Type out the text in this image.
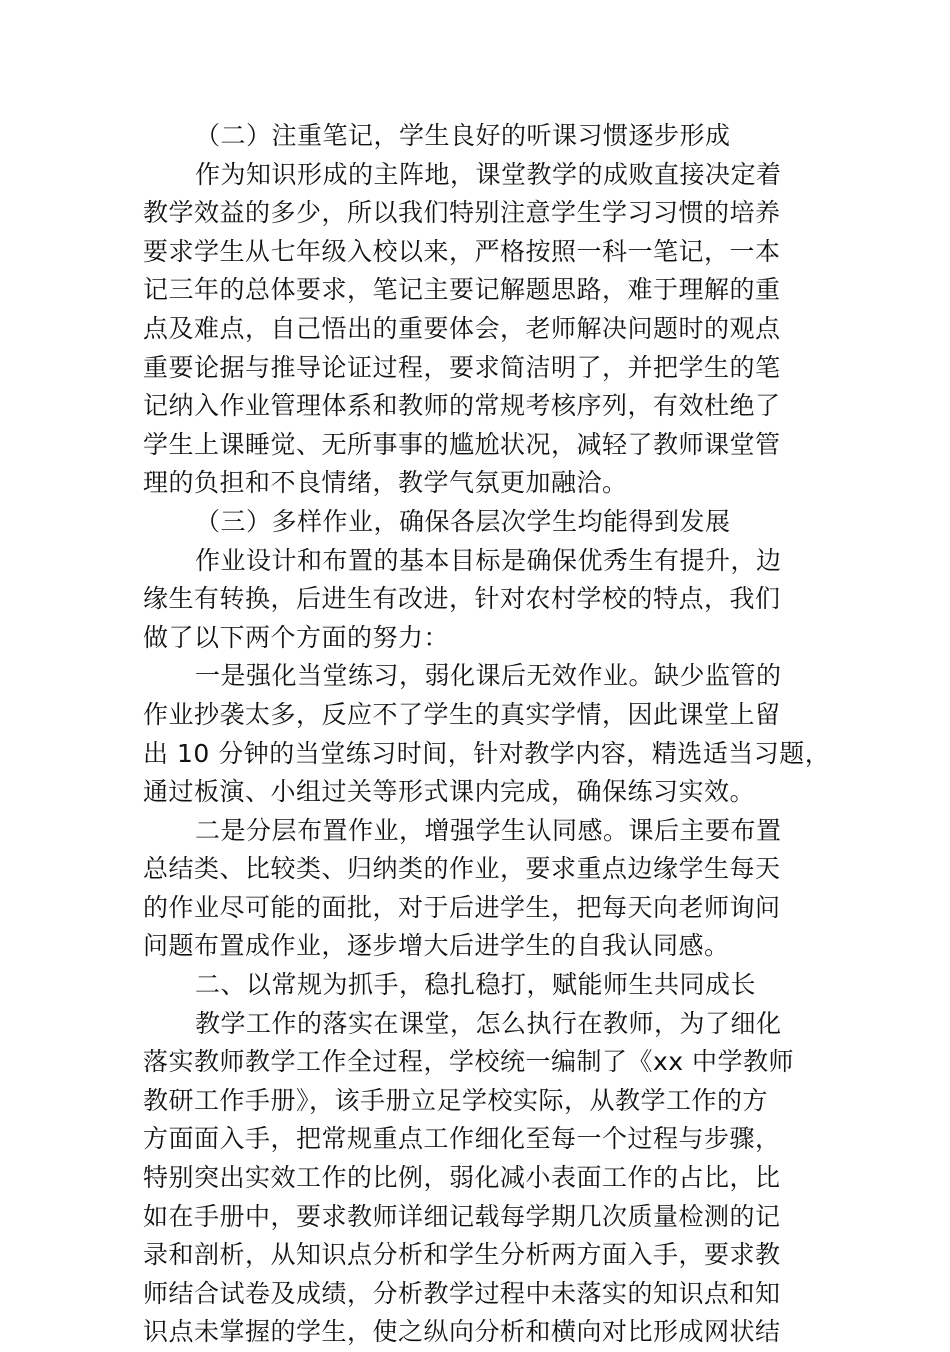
（二）注重笔记，学生良好的听课习惯逐步形成
作为知识形成的主阵地，课堂教学的成败直接决定着
教学效益的多少，所以我们特别注意学生学习习惯的培养
要求学生从七年级入校以来，严格按照一科一笔记，一本
记三年的总体要求，笔记主要记解题思路，难于理解的重
点及难点，自己悟出的重要体会，老师解决问题时的观点
重要论据与推导论证过程，要求简洁明了，并把学生的笔
记纳入作业管理体系和教师的常规考核序列，有效杜绝了
学生上课睡觉、无所事事的尴尬状况，减轻了教师课堂管
理的负担和不良情绪，教学气氛更加融洽。
（三）多样作业，确保各层次学生均能得到发展
作业设计和布置的基本目标是确保优秀生有提升，边
缘生有转换，后进生有改进，针对农村学校的特点，我们
做了以下两个方面的努力：
一是强化当堂练习，弱化课后无效作业。缺少监管的
作业抄袭太多，反应不了学生的真实学情，因此课堂上留
出 10 分钟的当堂练习时间，针对教学内容，精选适当习题，
通过板演、小组过关等形式课内完成，确保练习实效。
二是分层布置作业，增强学生认同感。课后主要布置
总结类、比较类、归纳类的作业，要求重点边缘学生每天
的作业尽可能的面批，对于后进学生，把每天向老师询问
问题布置成作业，逐步增大后进学生的自我认同感。
二、以常规为抓手，稳扎稳打，赋能师生共同成长
教学工作的落实在课堂，怎么执行在教师，为了细化
落实教师教学工作全过程，学校统一编制了《xx 中学教师
教研工作手册》，该手册立足学校实际，从教学工作的方
方面面入手，把常规重点工作细化至每一个过程与步骤，
特别突出实效工作的比例，弱化减小表面工作的占比，比
如在手册中，要求教师详细记载每学期几次质量检测的记
录和剖析，从知识点分析和学生分析两方面入手，要求教
师结合试卷及成绩，分析教学过程中未落实的知识点和知
识点未掌握的学生，使之纵向分析和横向对比形成网状结
